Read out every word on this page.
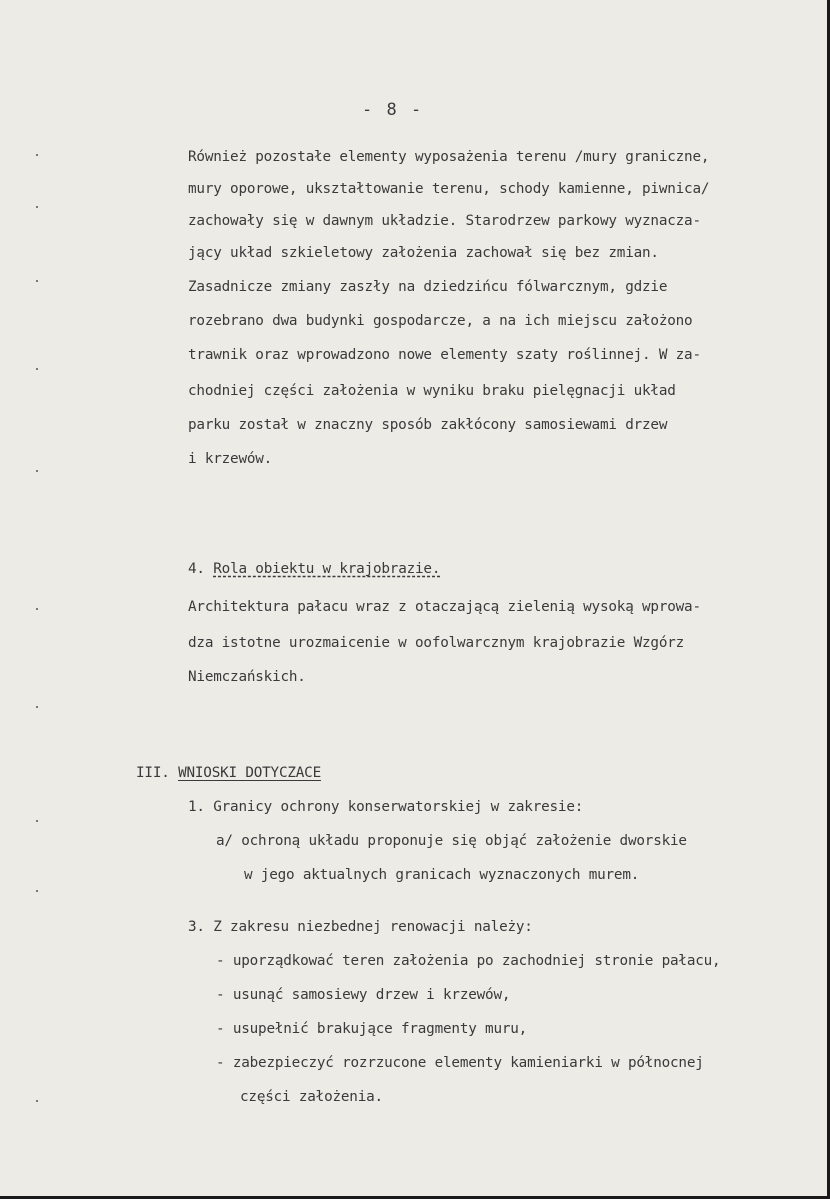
- 8 -
Również pozostałe elementy wyposażenia terenu /mury graniczne,
mury oporowe, ukształtowanie terenu, schody kamienne, piwnica/
zachowały się w dawnym układzie. Starodrzew parkowy wyznacza-
jący układ szkieletowy założenia zachował się bez zmian.
Zasadnicze zmiany zaszły na dziedzińcu fólwarcznym, gdzie
rozebrano dwa budynki gospodarcze, a na ich miejscu założono
trawnik oraz wprowadzono nowe elementy szaty roślinnej. W za-
chodniej części założenia w wyniku braku pielęgnacji układ
parku został w znaczny sposób zakłócony samosiewami drzew
i krzewów.
4. Rola obiektu w krajobrazie.
Architektura pałacu wraz z otaczającą zielenią wysoką wprowa-
dza istotne urozmaicenie w oofolwarcznym krajobrazie Wzgórz
Niemczańskich.
III. WNIOSKI DOTYCZACE
1. Granicy ochrony konserwatorskiej w zakresie:
a/ ochroną układu proponuje się objąć założenie dworskie
w jego aktualnych granicach wyznaczonych murem.
3. Z zakresu niezbednej renowacji należy:
- uporządkować teren założenia po zachodniej stronie pałacu,
- usunąć samosiewy drzew i krzewów,
- usupełnić brakujące fragmenty muru,
- zabezpieczyć rozrzucone elementy kamieniarki w północnej
części założenia.
